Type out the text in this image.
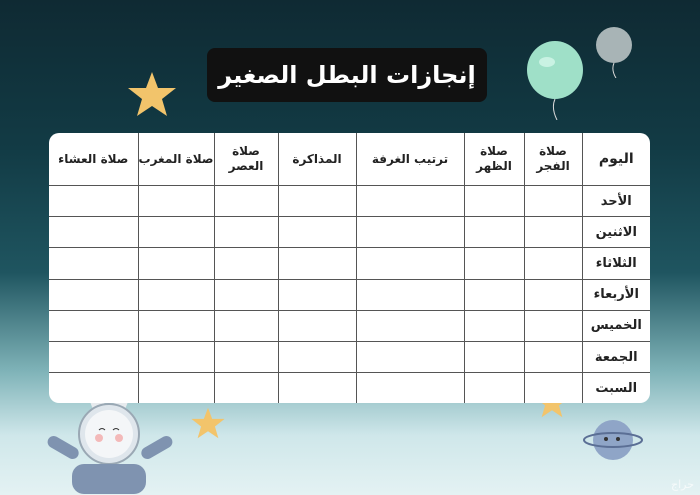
إنجازات البطل الصغير
اليوم	صلاة الفجر	صلاة الظهر	ترتيب الغرفة	المذاكرة	صلاة العصر	صلاة المغرب	صلاة العشاء
الأحد							
الاثنين							
الثلاثاء							
الأربعاء							
الخميس							
الجمعة							
السبت							
حراج
